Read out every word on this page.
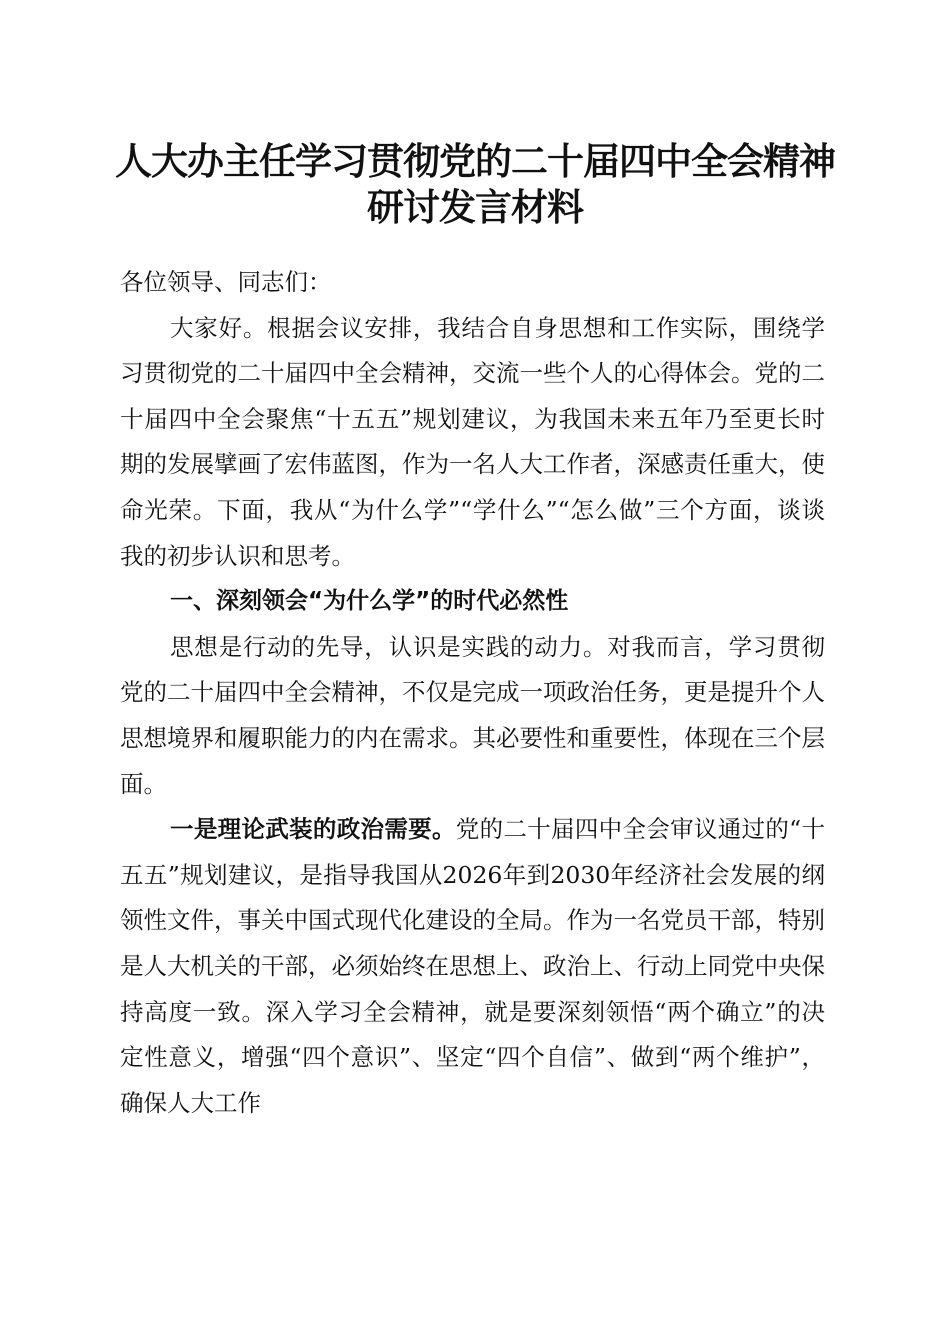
人大办主任学习贯彻党的二十届四中全会精神
研讨发言材料

各位领导、同志们：

大家好。根据会议安排，我结合自身思想和工作实际，围绕学习贯彻党的二十届四中全会精神，交流一些个人的心得体会。党的二十届四中全会聚焦“十五五”规划建议，为我国未来五年乃至更长时期的发展擘画了宏伟蓝图，作为一名人大工作者，深感责任重大，使命光荣。下面，我从“为什么学”“学什么”“怎么做”三个方面，谈谈我的初步认识和思考。

一、深刻领会“为什么学”的时代必然性

思想是行动的先导，认识是实践的动力。对我而言，学习贯彻党的二十届四中全会精神，不仅是完成一项政治任务，更是提升个人思想境界和履职能力的内在需求。其必要性和重要性，体现在三个层面。

一是理论武装的政治需要。党的二十届四中全会审议通过的“十五五”规划建议，是指导我国从2026年到2030年经济社会发展的纲领性文件，事关中国式现代化建设的全局。作为一名党员干部，特别是人大机关的干部，必须始终在思想上、政治上、行动上同党中央保持高度一致。深入学习全会精神，就是要深刻领悟“两个确立”的决定性意义，增强“四个意识”、坚定“四个自信”、做到“两个维护”，确保人大工作
